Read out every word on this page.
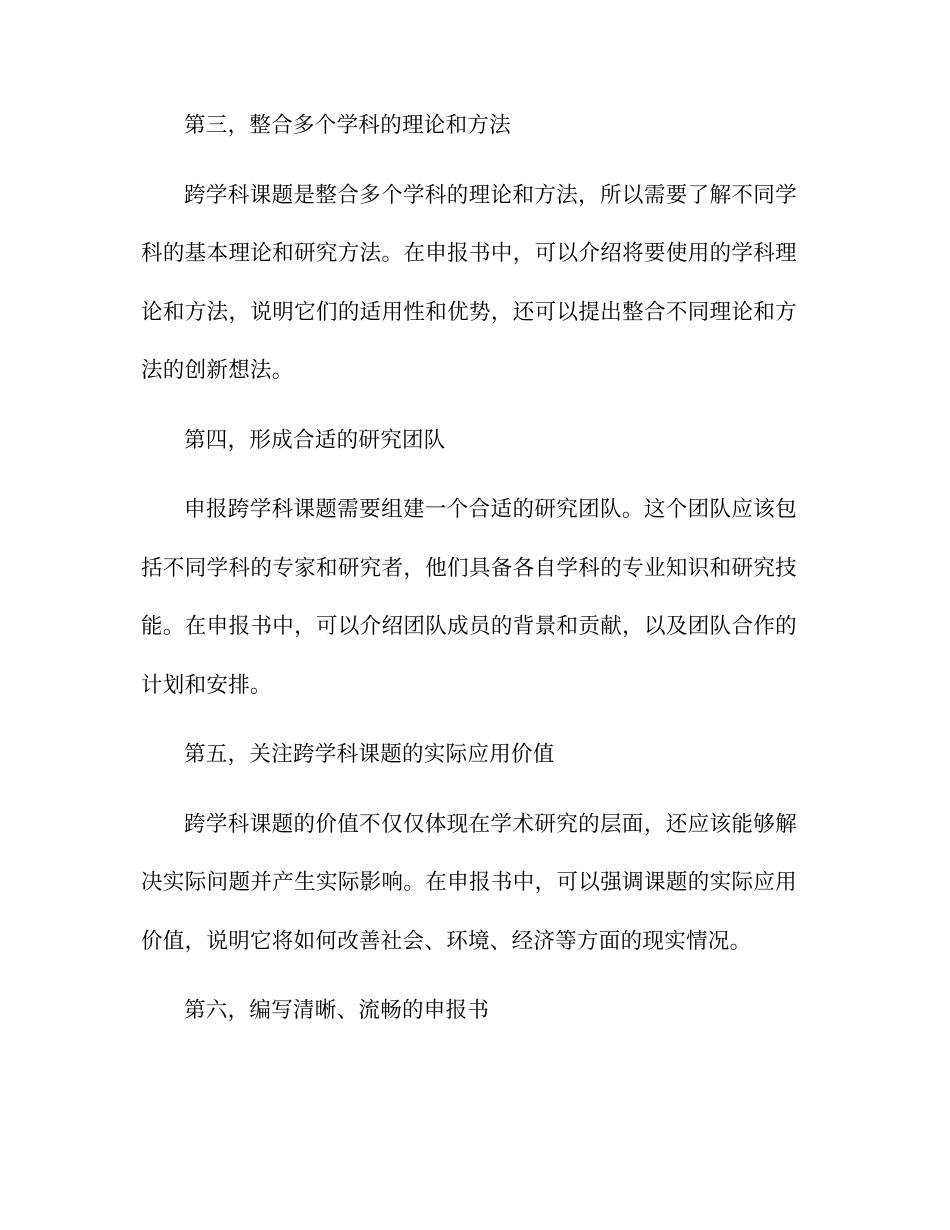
第三，整合多个学科的理论和方法

跨学科课题是整合多个学科的理论和方法，所以需要了解不同学科的基本理论和研究方法。在申报书中，可以介绍将要使用的学科理论和方法，说明它们的适用性和优势，还可以提出整合不同理论和方法的创新想法。

第四，形成合适的研究团队

申报跨学科课题需要组建一个合适的研究团队。这个团队应该包括不同学科的专家和研究者，他们具备各自学科的专业知识和研究技能。在申报书中，可以介绍团队成员的背景和贡献，以及团队合作的计划和安排。

第五，关注跨学科课题的实际应用价值

跨学科课题的价值不仅仅体现在学术研究的层面，还应该能够解决实际问题并产生实际影响。在申报书中，可以强调课题的实际应用价值，说明它将如何改善社会、环境、经济等方面的现实情况。

第六，编写清晰、流畅的申报书
